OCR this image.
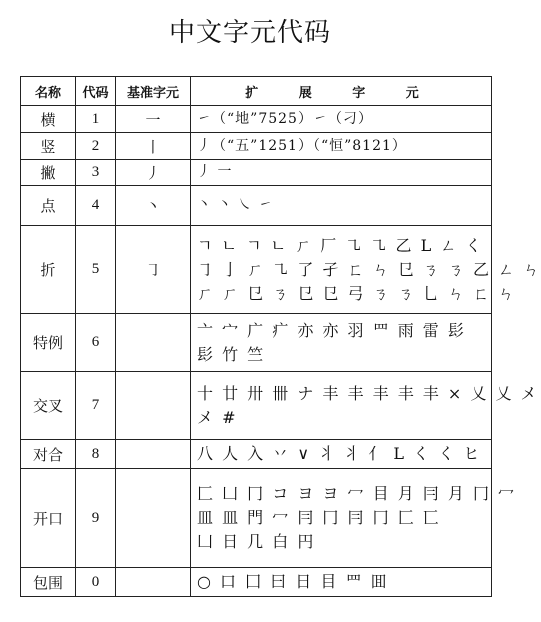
中文字元代码
名称	代码	基准字元	扩 展 字 元
横	1	一	㇀（“地”7525）㇀（刁）

竖	2	丨	丿（“五”1251）（“恒”8121）

撇	3	丿	丿 一

点	4	丶	丶 丶 ㇏ ㇀

折	5	㇆	ㄱ ㄴ ㄱ ㄴ ㄏ 厂 ㇈ ㇈ 乙 L ㄥ く
㇆ 亅 ㄏ ㇈ 了 孑 ㄈ ㄣ 㔾 ㄋ ㄋ 乙 ㄥ ㄣ
ㄏ ㄏ 㔾 ㄋ 㔾 㔾 弓 ㄋ ㄋ 乚 ㄣ ㄈ ㄣ

特例	6		亠 宀 广 疒 亦 亦 羽 罒 雨 雷 髟
髟 竹 竺

交叉	7		十 廿 卅 卌 ナ 丰 丰 丰 丰 丰 × 乂 乂 メ
メ #

对合	8		八 人 入 丷 ∨ 丬 丬 亻 L く く ヒ

开口	9		匚 凵 冂 コ ヨ ヨ 冖 目 月 冃 月 冂 冖
皿 皿 門 冖 冃 冂 冃 冂 匚 匸
凵 日 几 白 円

包围	0		○ 口 囗 曰 日 目 罒 囬
